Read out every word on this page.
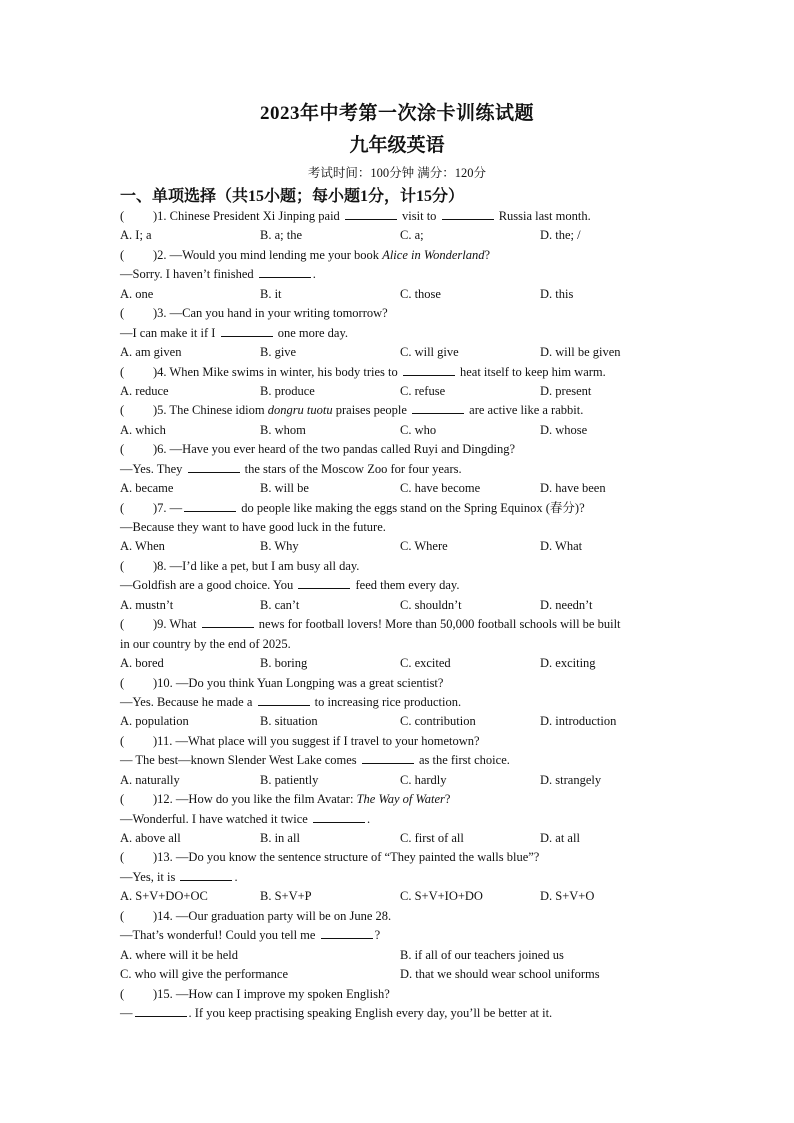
2023年中考第一次涂卡训练试题
九年级英语
考试时间：100分钟 满分：120分
一、单项选择（共15小题；每小题1分，计15分）
( )1. Chinese President Xi Jinping paid	visit to	Russia last month.
A. I; a	B. a; the	C. a;	D. the; /
( )2. —Would you mind lending me your book Alice in Wonderland?
—Sorry. I haven’t finished	.
A. one	B. it	C. those	D. this
( )3. —Can you hand in your writing tomorrow?
—I can make it if I	one more day.
A. am given	B. give	C. will give	D. will be given
( )4. When Mike swims in winter, his body tries to	heat itself to keep him warm.
A. reduce	B. produce	C. refuse	D. present
( )5. The Chinese idiom dongru tuotu praises people	are active like a rabbit.
A. which	B. whom	C. who	D. whose
( )6. —Have you ever heard of the two pandas called Ruyi and Dingding?
—Yes. They	the stars of the Moscow Zoo for four years.
A. became	B. will be	C. have become	D. have been
( )7. —	do people like making the eggs stand on the Spring Equinox (春分)?
—Because they want to have good luck in the future.
A. When	B. Why	C. Where	D. What
( )8. —I’d like a pet, but I am busy all day.
—Goldfish are a good choice. You	feed them every day.
A. mustn’t	B. can’t	C. shouldn’t	D. needn’t
( )9. What	news for football lovers! More than 50,000 football schools will be built
in our country by the end of 2025.
A. bored	B. boring	C. excited	D. exciting
( )10. —Do you think Yuan Longping was a great scientist?
—Yes. Because he made a	to increasing rice production.
A. population	B. situation	C. contribution	D. introduction
( )11. —What place will you suggest if I travel to your hometown?
— The best—known Slender West Lake comes	as the first choice.
A. naturally	B. patiently	C. hardly	D. strangely
( )12. —How do you like the film Avatar: The Way of Water?
—Wonderful. I have watched it twice	.
A. above all	B. in all	C. first of all	D. at all
( )13. —Do you know the sentence structure of “They painted the walls blue”?
—Yes, it is	.
A. S+V+DO+OC	B. S+V+P	C. S+V+IO+DO	D. S+V+O
( )14. —Our graduation party will be on June 28.
—That’s wonderful! Could you tell me	?
A. where will it be held	B. if all of our teachers joined us
C. who will give the performance	D. that we should wear school uniforms
( )15. —How can I improve my spoken English?
—	. If you keep practising speaking English every day, you’ll be better at it.
